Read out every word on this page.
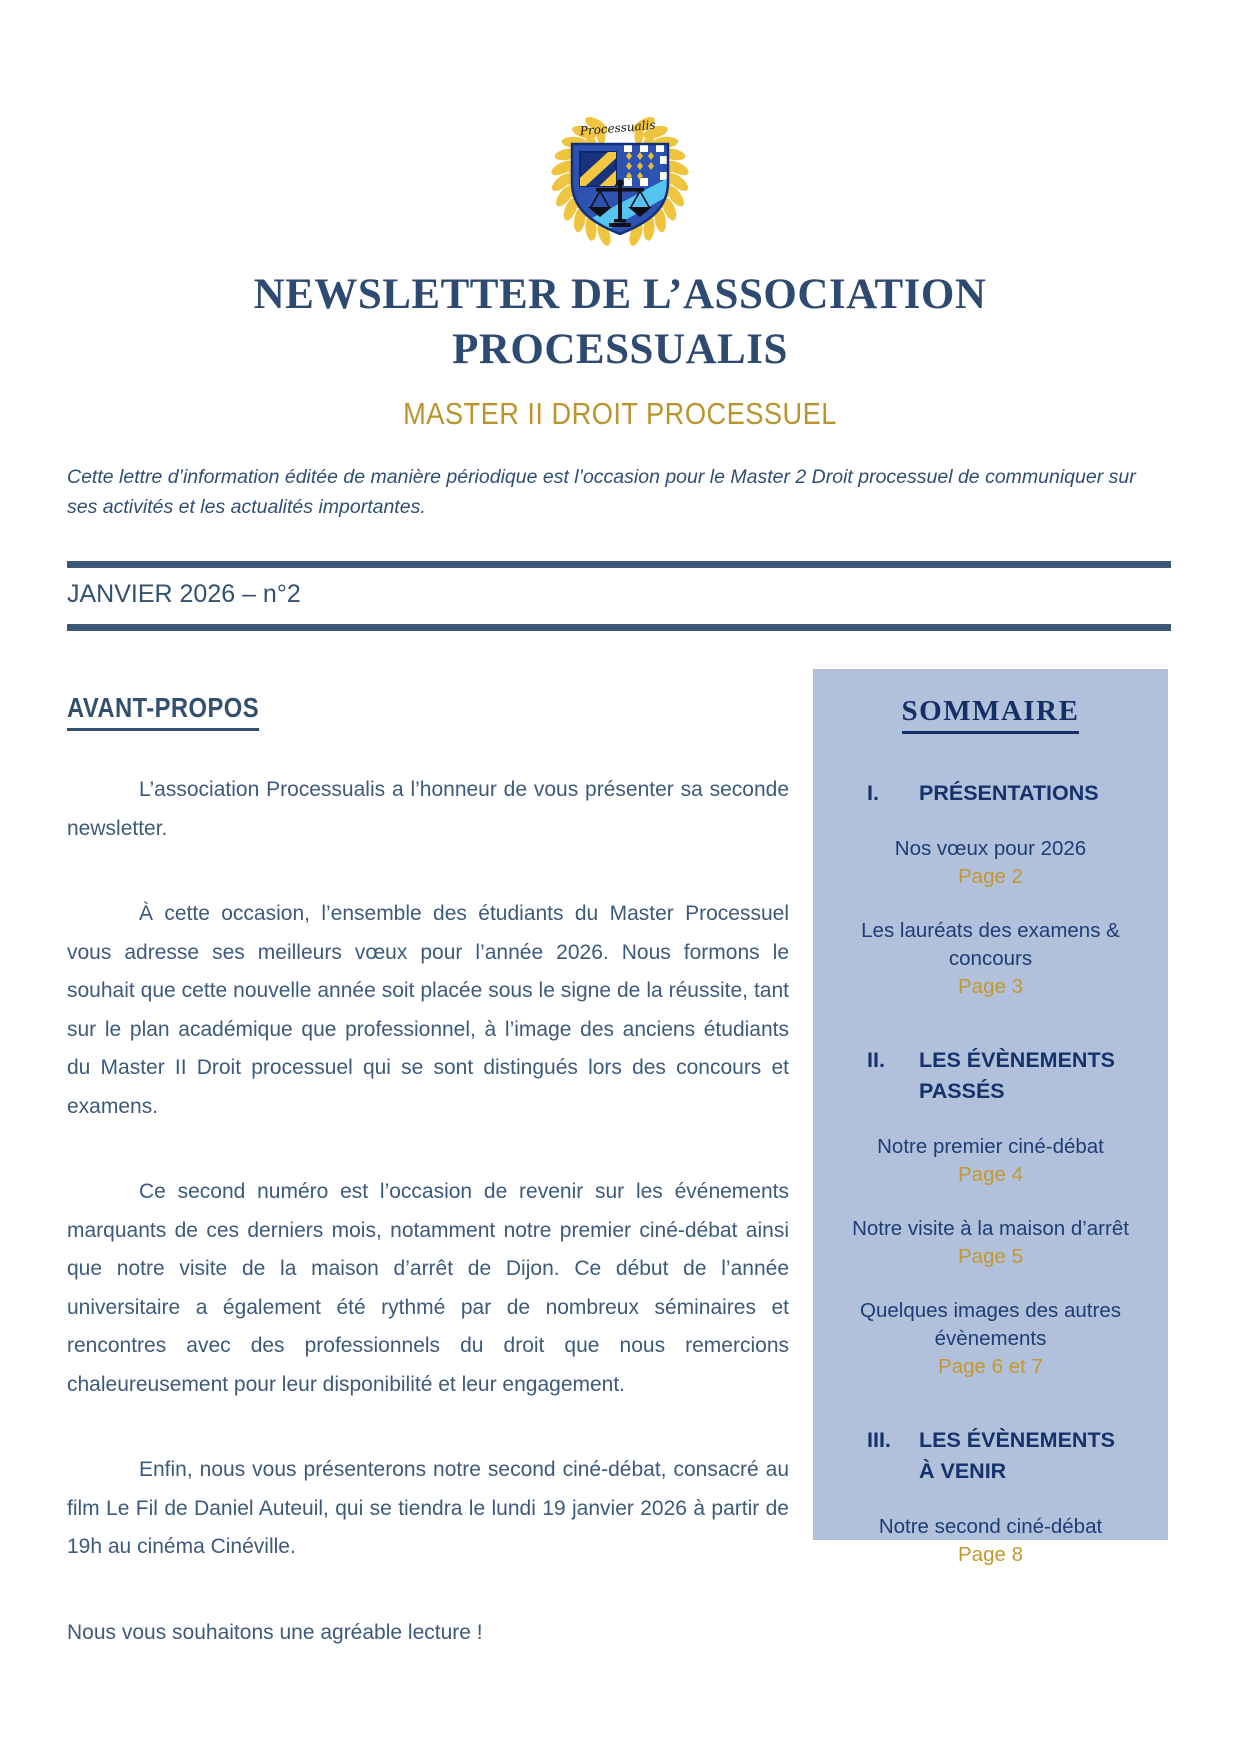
Processualis
NEWSLETTER DE L’ASSOCIATION
PROCESSUALIS
MASTER II DROIT PROCESSUEL

Cette lettre d’information éditée de manière périodique est l’occasion pour le Master 2 Droit processuel de communiquer sur ses activités et les actualités importantes.

JANVIER 2026 – n°2
AVANT-PROPOS

L’association Processualis a l’honneur de vous présenter sa seconde newsletter.

À cette occasion, l’ensemble des étudiants du Master Processuel vous adresse ses meilleurs vœux pour l’année 2026. Nous formons le souhait que cette nouvelle année soit placée sous le signe de la réussite, tant sur le plan académique que professionnel, à l’image des anciens étudiants du Master II Droit processuel qui se sont distingués lors des concours et examens.

Ce second numéro est l’occasion de revenir sur les événements marquants de ces derniers mois, notamment notre premier ciné-débat ainsi que notre visite de la maison d’arrêt de Dijon. Ce début de l’année universitaire a également été rythmé par de nombreux séminaires et rencontres avec des professionnels du droit que nous remercions chaleureusement pour leur disponibilité et leur engagement.

Enfin, nous vous présenterons notre second ciné-débat, consacré au film Le Fil de Daniel Auteuil, qui se tiendra le lundi 19 janvier 2026 à partir de 19h au cinéma Cinéville.

Nous vous souhaitons une agréable lecture !

SOMMAIRE
I.	PRÉSENTATIONS
Nos vœux pour 2026
Page 2
Les lauréats des examens & concours
Page 3
II.	LES ÉVÈNEMENTS PASSÉS
Notre premier ciné-débat
Page 4
Notre visite à la maison d’arrêt
Page 5
Quelques images des autres évènements
Page 6 et 7
III.	LES ÉVÈNEMENTS À VENIR
Notre second ciné-débat
Page 8
